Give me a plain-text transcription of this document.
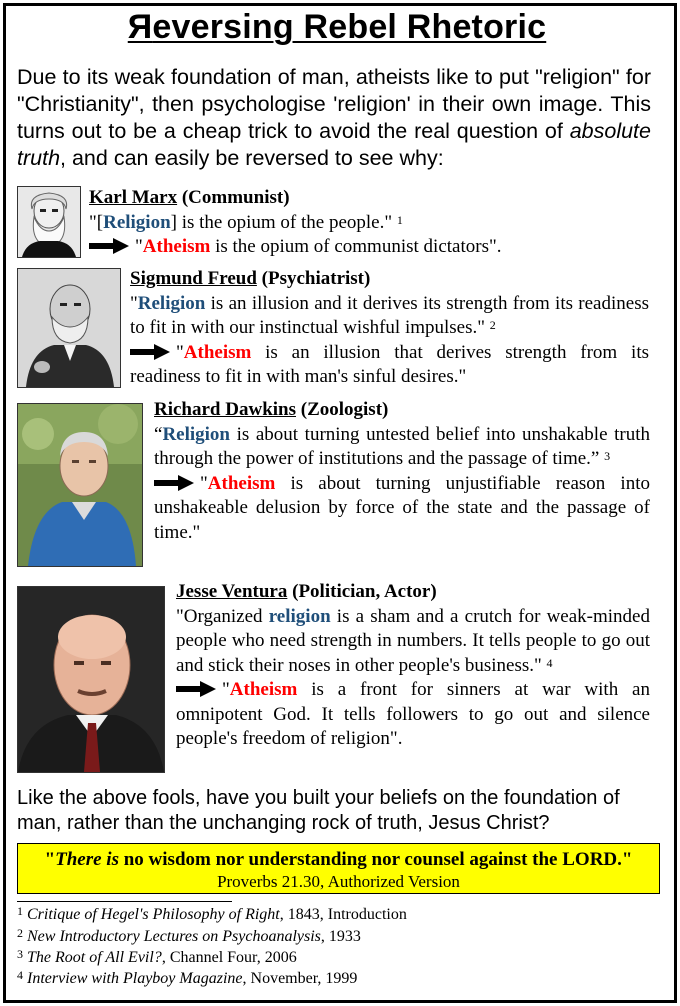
Яeversing Rebel Rhetoric
Due to its weak foundation of man, atheists like to put "religion" for "Christianity", then psychologise 'religion' in their own image. This turns out to be a cheap trick to avoid the real question of absolute truth, and can easily be reversed to see why:
Karl Marx (Communist)
"[Religion] is the opium of the people." $^1$
"Atheism is the opium of communist dictators".
Sigmund Freud (Psychiatrist)
"Religion is an illusion and it derives its strength from its readiness to fit in with our instinctual wishful impulses." $^2$
"Atheism is an illusion that derives strength from its readiness to fit in with man's sinful desires."
Richard Dawkins (Zoologist)
“Religion is about turning untested belief into unshakable truth through the power of institutions and the passage of time.” $^3$
"Atheism is about turning unjustifiable reason into unshakeable delusion by force of the state and the passage of time."
Jesse Ventura (Politician, Actor)
"Organized religion is a sham and a crutch for weak-minded people who need strength in numbers. It tells people to go out and stick their noses in other people's business." $^4$
"Atheism is a front for sinners at war with an omnipotent God. It tells followers to go out and silence people's freedom of religion".
Like the above fools, have you built your beliefs on the foundation of man, rather than the unchanging rock of truth, Jesus Christ?
"There is no wisdom nor understanding nor counsel against the LORD."
Proverbs 21.30, Authorized Version
$^1$ Critique of Hegel's Philosophy of Right, 1843, Introduction
$^2$ New Introductory Lectures on Psychoanalysis, 1933
$^3$ The Root of All Evil?, Channel Four, 2006
$^4$ Interview with Playboy Magazine, November, 1999
